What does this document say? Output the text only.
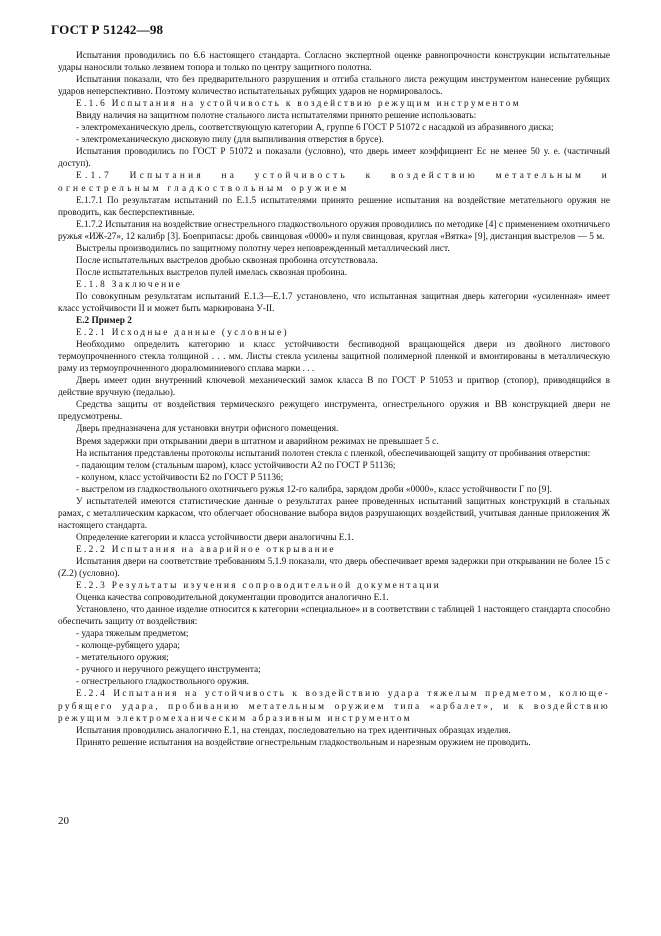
ГОСТ Р 51242—98

Испытания проводились по 6.6 настоящего стандарта. Согласно экспертной оценке равнопрочности конструкции испытательные удары наносили только лезвием топора и только по центру защитного полотна.

Испытания показали, что без предварительного разрушения и отгиба стального листа режущим инструментом нанесение рубящих ударов неперспективно. Поэтому количество испытательных рубящих ударов не нормировалось.

Е.1.6 Испытания на устойчивость к воздействию режущим инструментом

Ввиду наличия на защитном полотне стального листа испытателями принято решение использовать:

- электромеханическую дрель, соответствующую категории А, группе 6 ГОСТ Р 51072 с насадкой из абразивного диска;

- электромеханическую дисковую пилу (для выпиливания отверстия в брусе).

Испытания проводились по ГОСТ Р 51072 и показали (условно), что дверь имеет коэффициент Ес не менее 50 у. е. (частичный доступ).

Е.1.7 Испытания на устойчивость к воздействию метательным и огнестрельным гладкоствольным оружием

Е.1.7.1 По результатам испытаний по Е.1.5 испытателями принято решение испытания на воздействие метательного оружия не проводить, как бесперспективные.

Е.1.7.2 Испытания на воздействие огнестрельного гладкоствольного оружия проводились по методике [4] с применением охотничьего ружья «ИЖ-27», 12 калибр [3]. Боеприпасы: дробь свинцовая «0000» и пуля свинцовая, круглая «Вятка» [9], дистанция выстрелов — 5 м.

Выстрелы производились по защитному полотну через неповрежденный металлический лист.

После испытательных выстрелов дробью сквозная пробоина отсутствовала.

После испытательных выстрелов пулей имелась сквозная пробоина.

Е.1.8 Заключение

По совокупным результатам испытаний Е.1.3—Е.1.7 установлено, что испытанная защитная дверь категории «усиленная» имеет класс устойчивости II и может быть маркирована У-II.

Е.2 Пример 2

Е.2.1 Исходные данные (условные)

Необходимо определить категорию и класс устойчивости беспиводной вращающейся двери из двойного листового термоупрочненного стекла толщиной . . . мм. Листы стекла усилены защитной полимерной пленкой и вмонтированы в металлическую раму из термоупрочненного дюралюминиевого сплава марки . . .

Дверь имеет один внутренний ключевой механический замок класса В по ГОСТ Р 51053 и притвор (стопор), приводящийся в действие вручную (педалью).

Средства защиты от воздействия термического режущего инструмента, огнестрельного оружия и ВВ конструкцией двери не предусмотрены.

Дверь предназначена для установки внутри офисного помещения.

Время задержки при открывании двери в штатном и аварийном режимах не превышает 5 с.

На испытания представлены протоколы испытаний полотен стекла с пленкой, обеспечивающей защиту от пробивания отверстия:

- падающим телом (стальным шаром), класс устойчивости А2 по ГОСТ Р 51136;

- колуном, класс устойчивости Б2 по ГОСТ Р 51136;

- выстрелом из гладкоствольного охотничьего ружья 12-го калибра, зарядом дроби «0000», класс устойчивости Г по [9].

У испытателей имеются статистические данные о результатах ранее проведенных испытаний защитных конструкций в стальных рамах, с металлическим каркасом, что облегчает обоснование выбора видов разрушающих воздействий, учитывая данные приложения Ж настоящего стандарта.

Определение категории и класса устойчивости двери аналогичны Е.1.

Е.2.2 Испытания на аварийное открывание

Испытания двери на соответствие требованиям 5.1.9 показали, что дверь обеспечивает время задержки при открывании не более 15 с (Z.2) (условно).

Е.2.3 Результаты изучения сопроводительной документации

Оценка качества сопроводительной документации проводится аналогично Е.1.

Установлено, что данное изделие относится к категории «специальное» и в соответствии с таблицей 1 настоящего стандарта способно обеспечить защиту от воздействия:

- удара тяжелым предметом;

- колюще-рубящего удара;

- метательного оружия;

- ручного и неручного режущего инструмента;

- огнестрельного гладкоствольного оружия.

Е.2.4 Испытания на устойчивость к воздействию удара тяжелым предметом, колюще-рубящего удара, пробиванию метательным оружием типа «арбалет», и к воздействию режущим электромеханическим абразивным инструментом

Испытания проводились аналогично Е.1, на стендах, последовательно на трех идентичных образцах изделия.

Принято решение испытания на воздействие огнестрельным гладкоствольным и нарезным оружием не проводить.

20
